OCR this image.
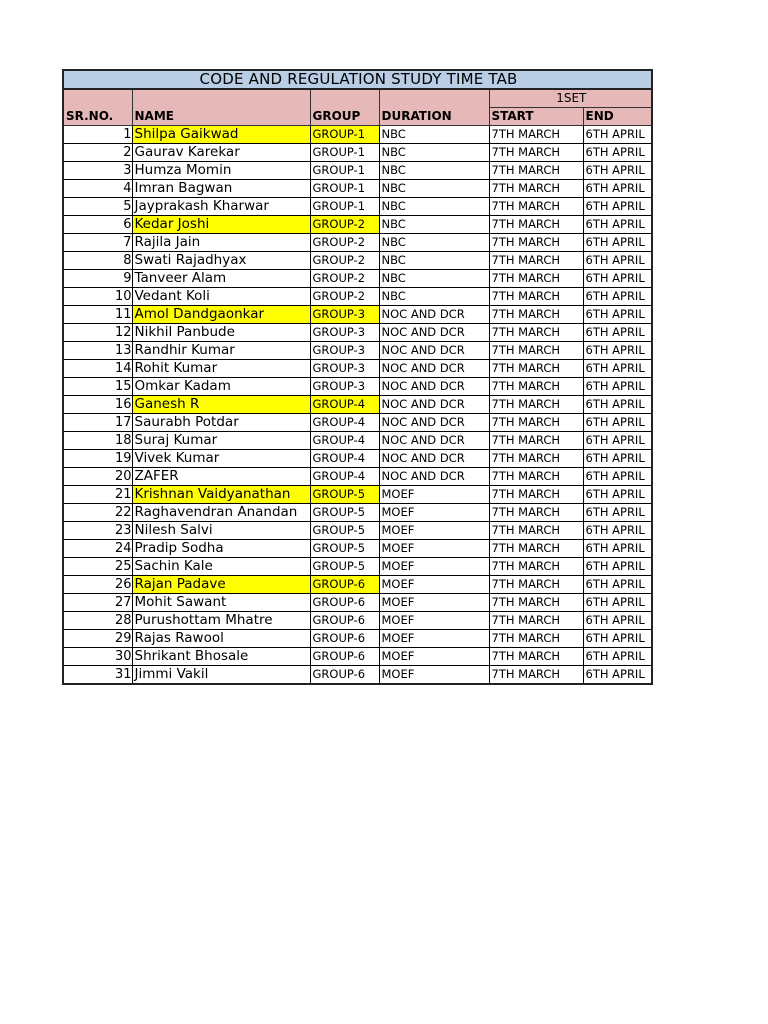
CODE AND REGULATION STUDY TIME TAB					
SR.NO.	NAME	GROUP	DURATION	1SET	
				START	END
1	Shilpa Gaikwad	GROUP-1	NBC	7TH MARCH	6TH APRIL
2	Gaurav Karekar	GROUP-1	NBC	7TH MARCH	6TH APRIL
3	Humza Momin	GROUP-1	NBC	7TH MARCH	6TH APRIL
4	Imran Bagwan	GROUP-1	NBC	7TH MARCH	6TH APRIL
5	Jayprakash Kharwar	GROUP-1	NBC	7TH MARCH	6TH APRIL
6	Kedar Joshi	GROUP-2	NBC	7TH MARCH	6TH APRIL
7	Rajila Jain	GROUP-2	NBC	7TH MARCH	6TH APRIL
8	Swati Rajadhyax	GROUP-2	NBC	7TH MARCH	6TH APRIL
9	Tanveer Alam	GROUP-2	NBC	7TH MARCH	6TH APRIL
10	Vedant Koli	GROUP-2	NBC	7TH MARCH	6TH APRIL
11	Amol Dandgaonkar	GROUP-3	NOC AND DCR	7TH MARCH	6TH APRIL
12	Nikhil Panbude	GROUP-3	NOC AND DCR	7TH MARCH	6TH APRIL
13	Randhir Kumar	GROUP-3	NOC AND DCR	7TH MARCH	6TH APRIL
14	Rohit Kumar	GROUP-3	NOC AND DCR	7TH MARCH	6TH APRIL
15	Omkar Kadam	GROUP-3	NOC AND DCR	7TH MARCH	6TH APRIL
16	Ganesh R	GROUP-4	NOC AND DCR	7TH MARCH	6TH APRIL
17	Saurabh Potdar	GROUP-4	NOC AND DCR	7TH MARCH	6TH APRIL
18	Suraj Kumar	GROUP-4	NOC AND DCR	7TH MARCH	6TH APRIL
19	Vivek Kumar	GROUP-4	NOC AND DCR	7TH MARCH	6TH APRIL
20	ZAFER	GROUP-4	NOC AND DCR	7TH MARCH	6TH APRIL
21	Krishnan Vaidyanathan	GROUP-5	MOEF	7TH MARCH	6TH APRIL
22	Raghavendran Anandan	GROUP-5	MOEF	7TH MARCH	6TH APRIL
23	Nilesh Salvi	GROUP-5	MOEF	7TH MARCH	6TH APRIL
24	Pradip Sodha	GROUP-5	MOEF	7TH MARCH	6TH APRIL
25	Sachin Kale	GROUP-5	MOEF	7TH MARCH	6TH APRIL
26	Rajan Padave	GROUP-6	MOEF	7TH MARCH	6TH APRIL
27	Mohit Sawant	GROUP-6	MOEF	7TH MARCH	6TH APRIL
28	Purushottam Mhatre	GROUP-6	MOEF	7TH MARCH	6TH APRIL
29	Rajas Rawool	GROUP-6	MOEF	7TH MARCH	6TH APRIL
30	Shrikant Bhosale	GROUP-6	MOEF	7TH MARCH	6TH APRIL
31	Jimmi Vakil	GROUP-6	MOEF	7TH MARCH	6TH APRIL
